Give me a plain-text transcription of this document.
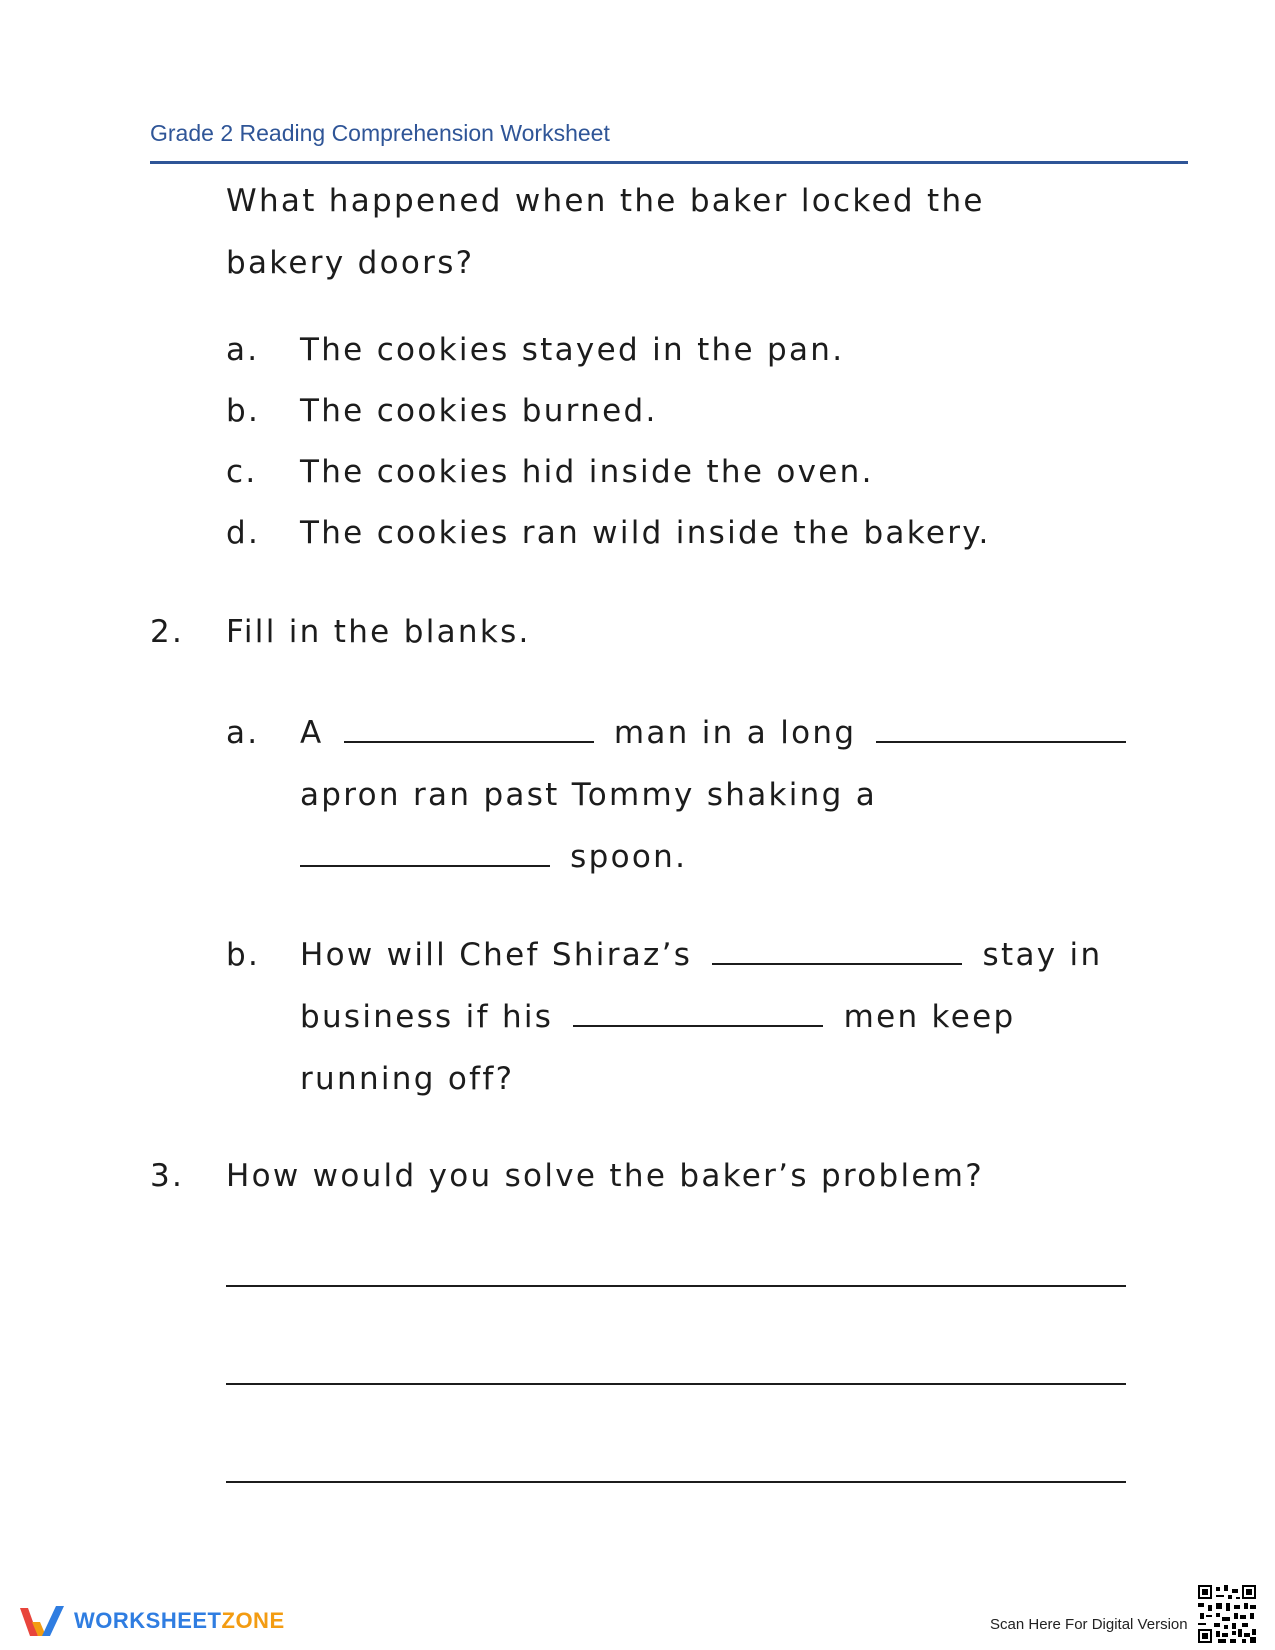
Grade 2 Reading Comprehension Worksheet
What happened when the baker locked the
bakery doors?
a. The cookies stayed in the pan.
b. The cookies burned.
c. The cookies hid inside the oven.
d. The cookies ran wild inside the bakery.
2. Fill in the blanks.
a. A	man in a long
apron ran past Tommy shaking a
spoon.
b. How will Chef Shiraz’s	stay in
business if his	men keep
running off?
3. How would you solve the baker’s problem?
WORKSHEETZONE	Scan Here For Digital Version
